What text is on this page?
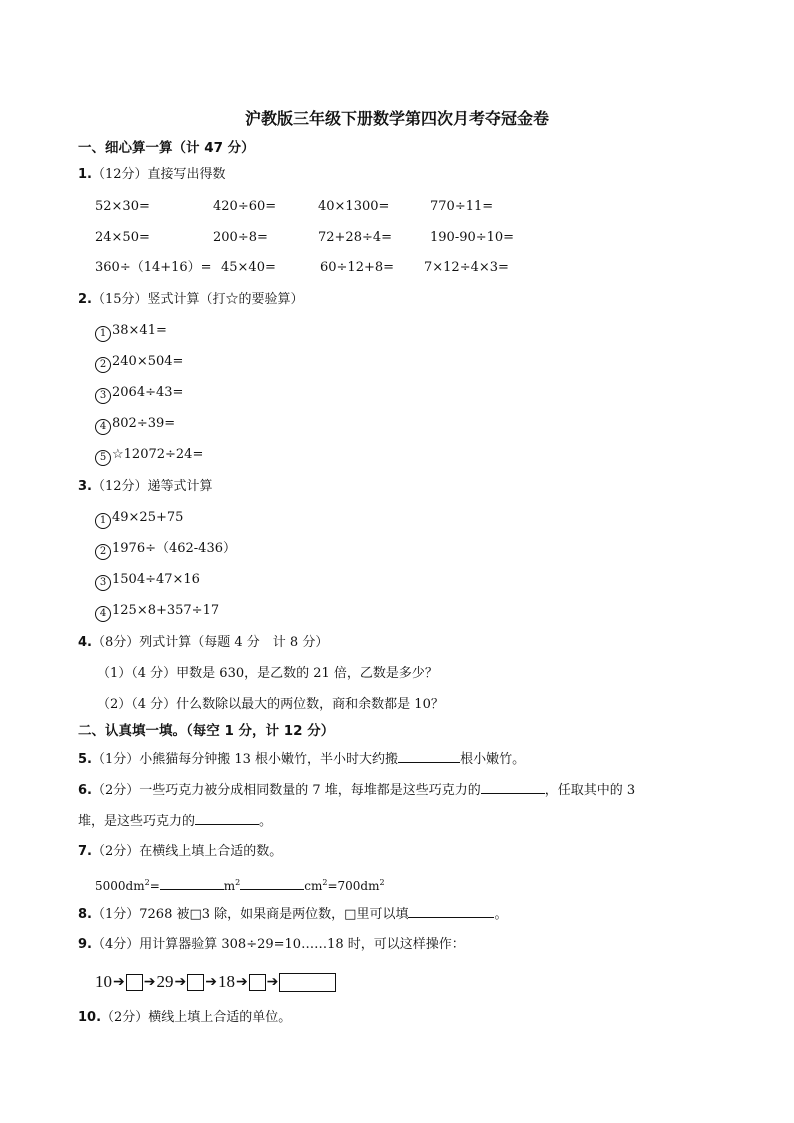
沪教版三年级下册数学第四次月考夺冠金卷
一、细心算一算（计 47 分）
1.（12分）直接写出得数
52×30=	420÷60=	40×1300=	770÷11=
24×50=	200÷8=	72+28÷4=	190-90÷10=
360÷（14+16）= 45×40=	60÷12+8= 7×12÷4×3=
2.（15分）竖式计算（打☆的要验算）
1 38×41=
2 240×504=
3 2064÷43=
4 802÷39=
5 ☆12072÷24=
3.（12分）递等式计算
1 49×25+75
2 1976÷（462-436）
3 1504÷47×16
4 125×8+357÷17
4.（8分）列式计算（每题 4 分　计 8 分）
（1）（4 分）甲数是 630，是乙数的 21 倍，乙数是多少？
（2）（4 分）什么数除以最大的两位数，商和余数都是 10？
二、认真填一填。（每空 1 分，计 12 分）
5.（1分）小熊猫每分钟搬 13 根小嫩竹，半小时大约搬	根小嫩竹。
6.（2分）一些巧克力被分成相同数量的 7 堆，每堆都是这些巧克力的	，任取其中的 3
堆，是这些巧克力的	。
7.（2分）在横线上填上合适的数。
$5000dm^2=$	$m^2$	$cm^2=700dm^2$
8.（1分）7268 被□3 除，如果商是两位数，□里可以填	。
9.（4分）用计算器验算 308÷29=10……18 时，可以这样操作：
10 ➔ ➔ 29 ➔ ➔ 18 ➔ ➔
10.（2分）横线上填上合适的单位。
